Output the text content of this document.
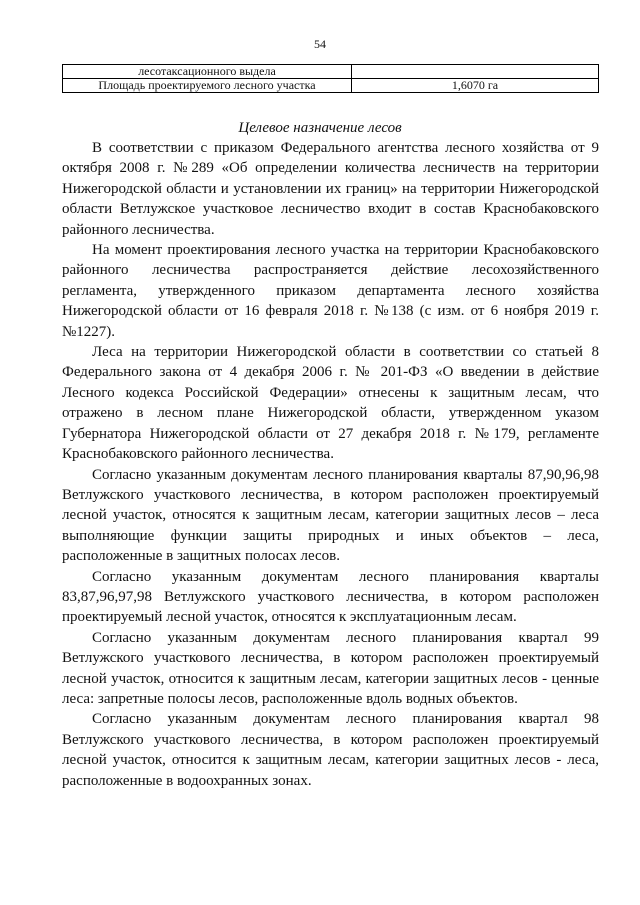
54
лесотаксационного выдела	
Площадь проектируемого лесного участка	1,6070 га
Целевое назначение лесов

В соответствии с приказом Федерального агентства лесного хозяйства от 9 октября 2008 г. №289 «Об определении количества лесничеств на территории Нижегородской области и установлении их границ» на территории Нижегородской области Ветлужское участковое лесничество входит в состав Краснобаковского районного лесничества.

На момент проектирования лесного участка на территории Краснобаковского районного лесничества распространяется действие лесохозяйственного регламента, утвержденного приказом департамента лесного хозяйства Нижегородской области от 16 февраля 2018 г. №138 (с изм. от 6 ноября 2019 г. №1227).

Леса на территории Нижегородской области в соответствии со статьей 8 Федерального закона от 4 декабря 2006 г. № 201-ФЗ «О введении в действие Лесного кодекса Российской Федерации» отнесены к защитным лесам, что отражено в лесном плане Нижегородской области, утвержденном указом Губернатора Нижегородской области от 27 декабря 2018 г. №179, регламенте Краснобаковского районного лесничества.

Согласно указанным документам лесного планирования кварталы 87,90,96,98 Ветлужского участкового лесничества, в котором расположен проектируемый лесной участок, относятся к защитным лесам, категории защитных лесов – леса выполняющие функции защиты природных и иных объектов – леса, расположенные в защитных полосах лесов.

Согласно указанным документам лесного планирования кварталы 83,87,96,97,98 Ветлужского участкового лесничества, в котором расположен проектируемый лесной участок, относятся к эксплуатационным лесам.

Согласно указанным документам лесного планирования квартал 99 Ветлужского участкового лесничества, в котором расположен проектируемый лесной участок, относится к защитным лесам, категории защитных лесов - ценные леса: запретные полосы лесов, расположенные вдоль водных объектов.

Согласно указанным документам лесного планирования квартал 98 Ветлужского участкового лесничества, в котором расположен проектируемый лесной участок, относится к защитным лесам, категории защитных лесов - леса, расположенные в водоохранных зонах.
